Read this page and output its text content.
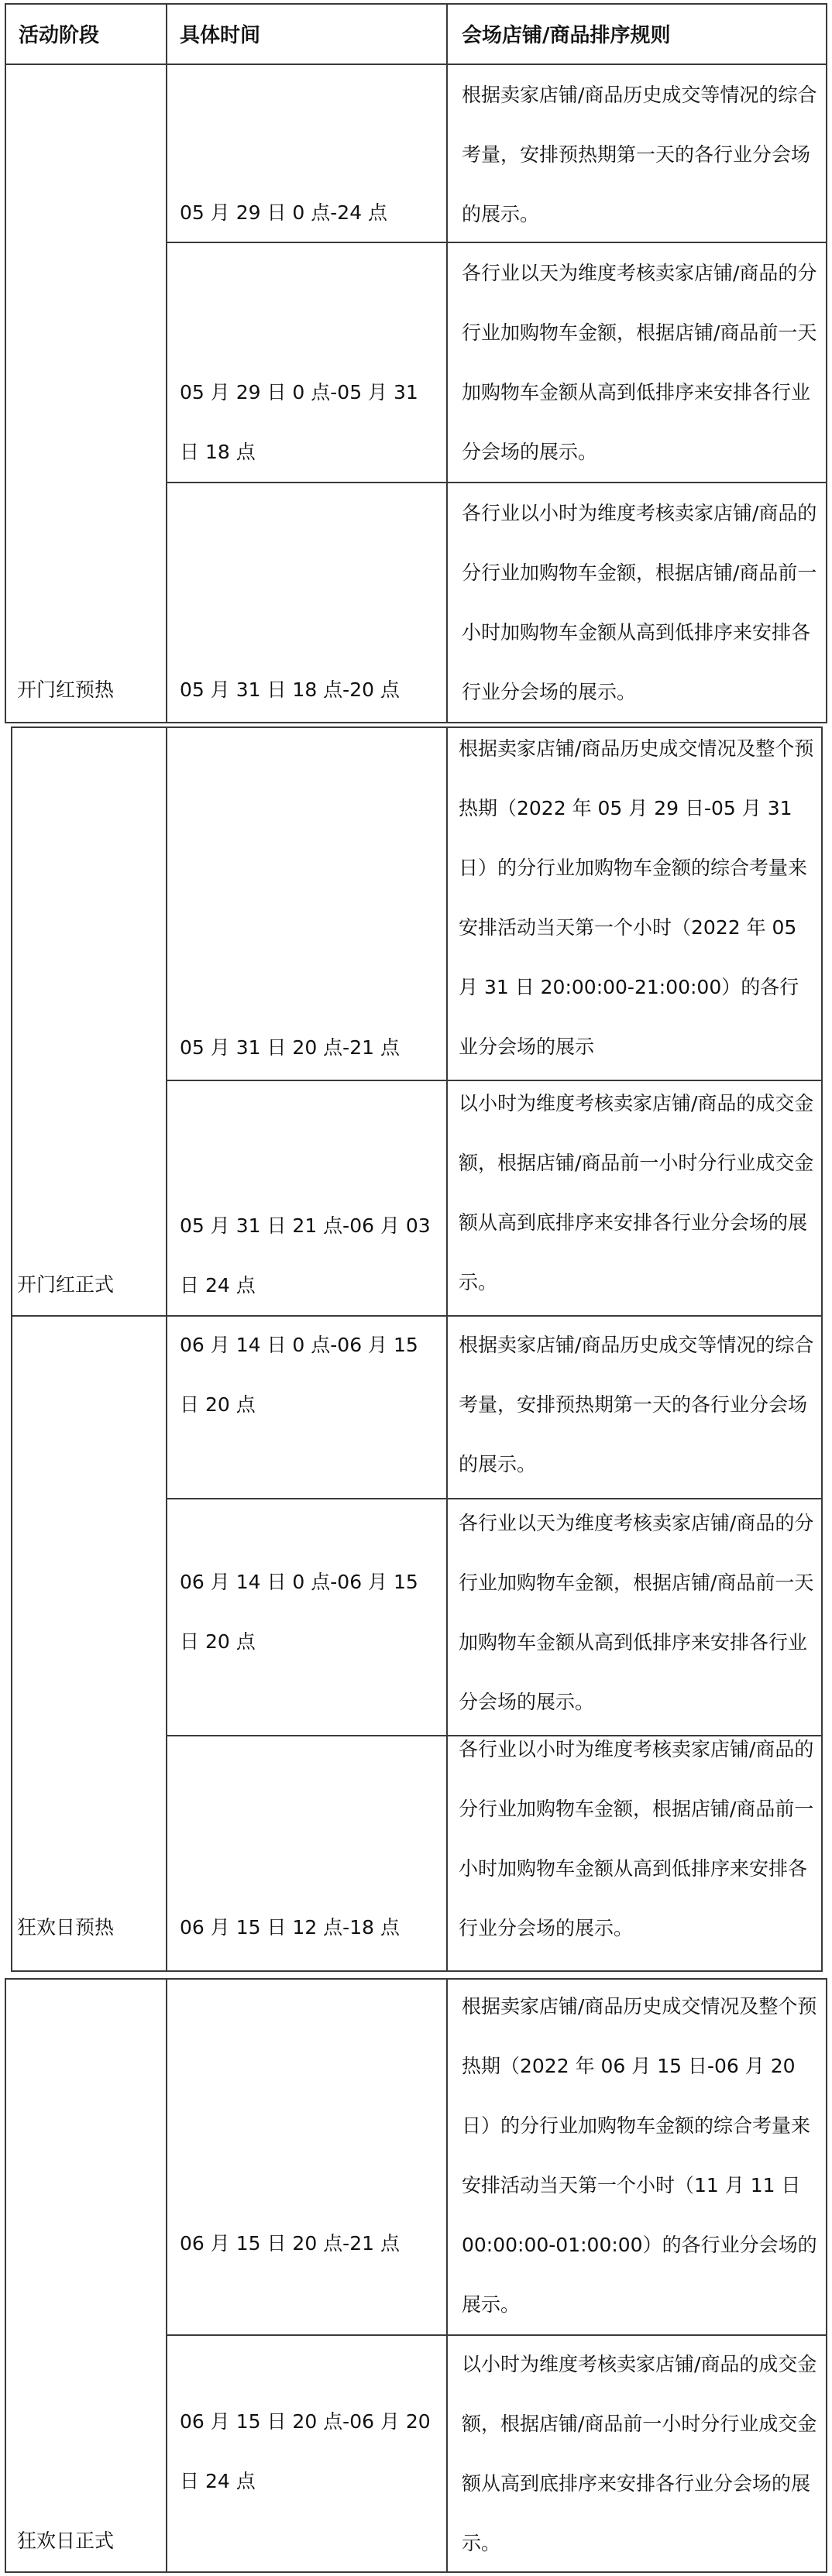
活动阶段	具体时间	会场店铺/商品排序规则
开门红预热
05 月 29 日 0 点-24 点
根据卖家店铺/商品历史成交等情况的综合考量，安排预热期第一天的各行业分会场的展示。
05 月 29 日 0 点-05 月 31 日 18 点
各行业以天为维度考核卖家店铺/商品的分行业加购物车金额，根据店铺/商品前一天加购物车金额从高到低排序来安排各行业分会场的展示。
05 月 31 日 18 点-20 点
各行业以小时为维度考核卖家店铺/商品的分行业加购物车金额，根据店铺/商品前一小时加购物车金额从高到低排序来安排各行业分会场的展示。
开门红正式
05 月 31 日 20 点-21 点
根据卖家店铺/商品历史成交情况及整个预热期（2022 年 05 月 29 日-05 月 31 日）的分行业加购物车金额的综合考量来安排活动当天第一个小时（2022 年 05 月 31 日 20:00:00-21:00:00）的各行业分会场的展示
05 月 31 日 21 点-06 月 03 日 24 点
以小时为维度考核卖家店铺/商品的成交金额，根据店铺/商品前一小时分行业成交金额从高到底排序来安排各行业分会场的展示。
狂欢日预热
06 月 14 日 0 点-06 月 15 日 20 点
根据卖家店铺/商品历史成交等情况的综合考量，安排预热期第一天的各行业分会场的展示。
06 月 14 日 0 点-06 月 15 日 20 点
各行业以天为维度考核卖家店铺/商品的分行业加购物车金额，根据店铺/商品前一天加购物车金额从高到低排序来安排各行业分会场的展示。
06 月 15 日 12 点-18 点
各行业以小时为维度考核卖家店铺/商品的分行业加购物车金额，根据店铺/商品前一小时加购物车金额从高到低排序来安排各行业分会场的展示。
狂欢日正式
06 月 15 日 20 点-21 点
根据卖家店铺/商品历史成交情况及整个预热期（2022 年 06 月 15 日-06 月 20 日）的分行业加购物车金额的综合考量来安排活动当天第一个小时（11 月 11 日 00:00:00-01:00:00）的各行业分会场的展示。
06 月 15 日 20 点-06 月 20 日 24 点
以小时为维度考核卖家店铺/商品的成交金额，根据店铺/商品前一小时分行业成交金额从高到底排序来安排各行业分会场的展示。
